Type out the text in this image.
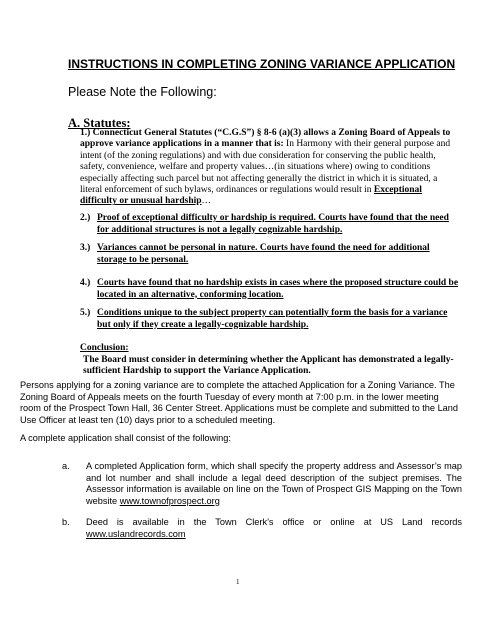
INSTRUCTIONS IN COMPLETING ZONING VARIANCE APPLICATION
Please Note the Following:
A. Statutes:
1.) Connecticut General Statutes (“C.G.S”) § 8-6 (a)(3) allows a Zoning Board of Appeals to approve variance applications in a manner that is: In Harmony with their general purpose and intent (of the zoning regulations) and with due consideration for conserving the public health, safety, convenience, welfare and property values…(in situations where) owing to conditions especially affecting such parcel but not affecting generally the district in which it is situated, a literal enforcement of such bylaws, ordinances or regulations would result in Exceptional difficulty or unusual hardship…
2.) Proof of exceptional difficulty or hardship is required. Courts have found that the need for additional structures is not a legally cognizable hardship.
3.) Variances cannot be personal in nature. Courts have found the need for additional storage to be personal.
4.) Courts have found that no hardship exists in cases where the proposed structure could be located in an alternative, conforming location.
5.) Conditions unique to the subject property can potentially form the basis for a variance but only if they create a legally-cognizable hardship.
Conclusion:
The Board must consider in determining whether the Applicant has demonstrated a legally-sufficient Hardship to support the Variance Application.
Persons applying for a zoning variance are to complete the attached Application for a Zoning Variance. The Zoning Board of Appeals meets on the fourth Tuesday of every month at 7:00 p.m. in the lower meeting room of the Prospect Town Hall, 36 Center Street. Applications must be complete and submitted to the Land Use Officer at least ten (10) days prior to a scheduled meeting.
A complete application shall consist of the following:
a. A completed Application form, which shall specify the property address and Assessor’s map and lot number and shall include a legal deed description of the subject premises. The Assessor information is available on line on the Town of Prospect GIS Mapping on the Town website www.townofprospect.org
b. Deed is available in the Town Clerk’s office or online at US Land records www.uslandrecords.com
1
